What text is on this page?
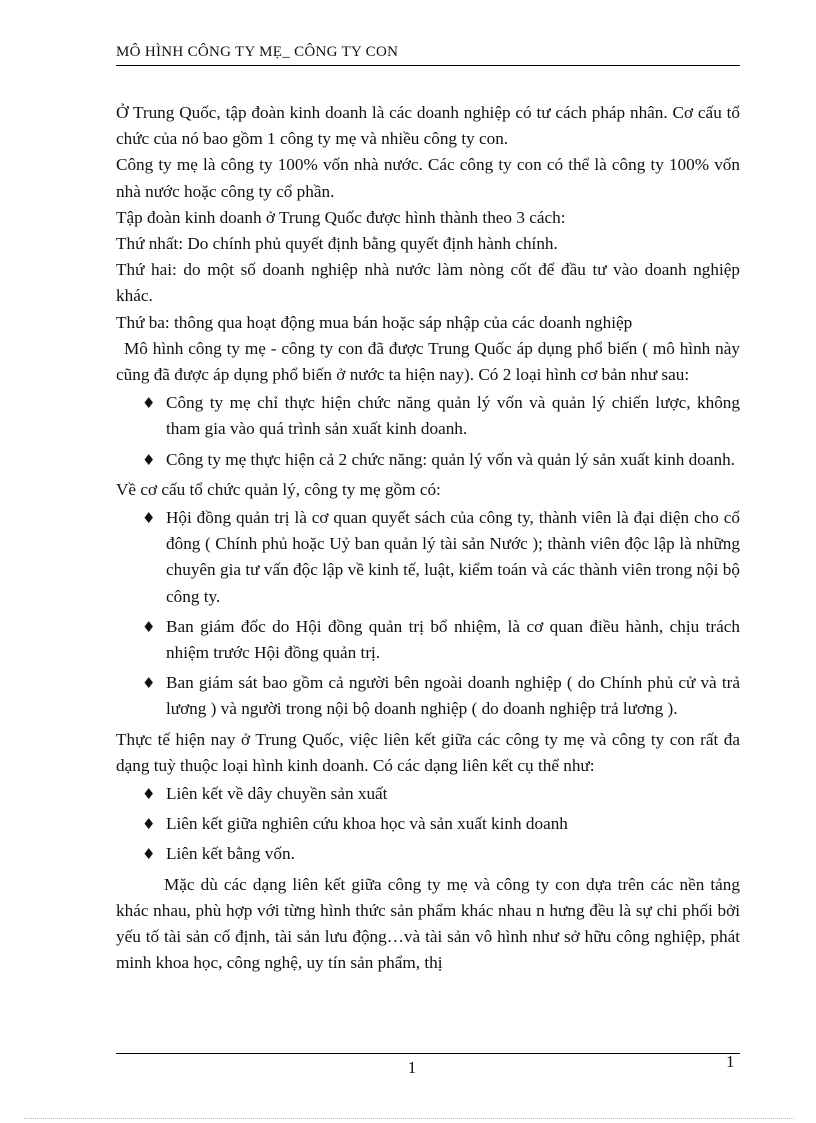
MÔ HÌNH CÔNG TY MẸ_ CÔNG TY CON

Ở Trung Quốc, tập đoàn kinh doanh là các doanh nghiệp có tư cách pháp nhân. Cơ cấu tổ chức của nó bao gồm 1 công ty mẹ và nhiều công ty con.

Công ty mẹ là công ty 100% vốn nhà nước. Các công ty con có thể là công ty 100% vốn nhà nước hoặc công ty cổ phần.

Tập đoàn kinh doanh ở Trung Quốc được hình thành theo 3 cách:

Thứ nhất: Do chính phủ quyết định bằng quyết định hành chính.

Thứ hai: do một số doanh nghiệp nhà nước làm nòng cốt để đầu tư vào doanh nghiệp khác.

Thứ ba: thông qua hoạt động mua bán hoặc sáp nhập của các doanh nghiệp

Mô hình công ty mẹ - công ty con đã được Trung Quốc áp dụng phổ biến ( mô hình này cũng đã được áp dụng phổ biến ở nước ta hiện nay). Có 2 loại hình cơ bản như sau:

♦ Công ty mẹ chỉ thực hiện chức năng quản lý vốn và quản lý chiến lược, không tham gia vào quá trình sản xuất kinh doanh.
♦ Công ty mẹ thực hiện cả 2 chức năng: quản lý vốn và quản lý sản xuất kinh doanh.

Về cơ cấu tổ chức quản lý, công ty mẹ gồm có:

♦ Hội đồng quản trị là cơ quan quyết sách của công ty, thành viên là đại diện cho cổ đông ( Chính phủ hoặc Uỷ ban quản lý tài sản Nước ); thành viên độc lập là những chuyên gia tư vấn độc lập về kinh tế, luật, kiểm toán và các thành viên trong nội bộ công ty.
♦ Ban giám đốc do Hội đồng quản trị bổ nhiệm, là cơ quan điều hành, chịu trách nhiệm trước Hội đồng quản trị.
♦ Ban giám sát bao gồm cả người bên ngoài doanh nghiệp ( do Chính phủ cử và trả lương ) và người trong nội bộ doanh nghiệp ( do doanh nghiệp trả lương ).

Thực tế hiện nay ở Trung Quốc, việc liên kết giữa các công ty mẹ và công ty con rất đa dạng tuỳ thuộc loại hình kinh doanh. Có các dạng liên kết cụ thể như:

♦ Liên kết về dây chuyền sản xuất
♦ Liên kết giữa nghiên cứu khoa học và sản xuất kinh doanh
♦ Liên kết bằng vốn.

Mặc dù các dạng liên kết giữa công ty mẹ và công ty con dựa trên các nền tảng khác nhau, phù hợp với từng hình thức sản phẩm khác nhau n hưng đều là sự chi phối bởi yếu tố tài sản cố định, tài sản lưu động…và tài sản vô hình như sở hữu công nghiệp, phát minh khoa học, công nghệ, uy tín sản phẩm, thị

1	1
